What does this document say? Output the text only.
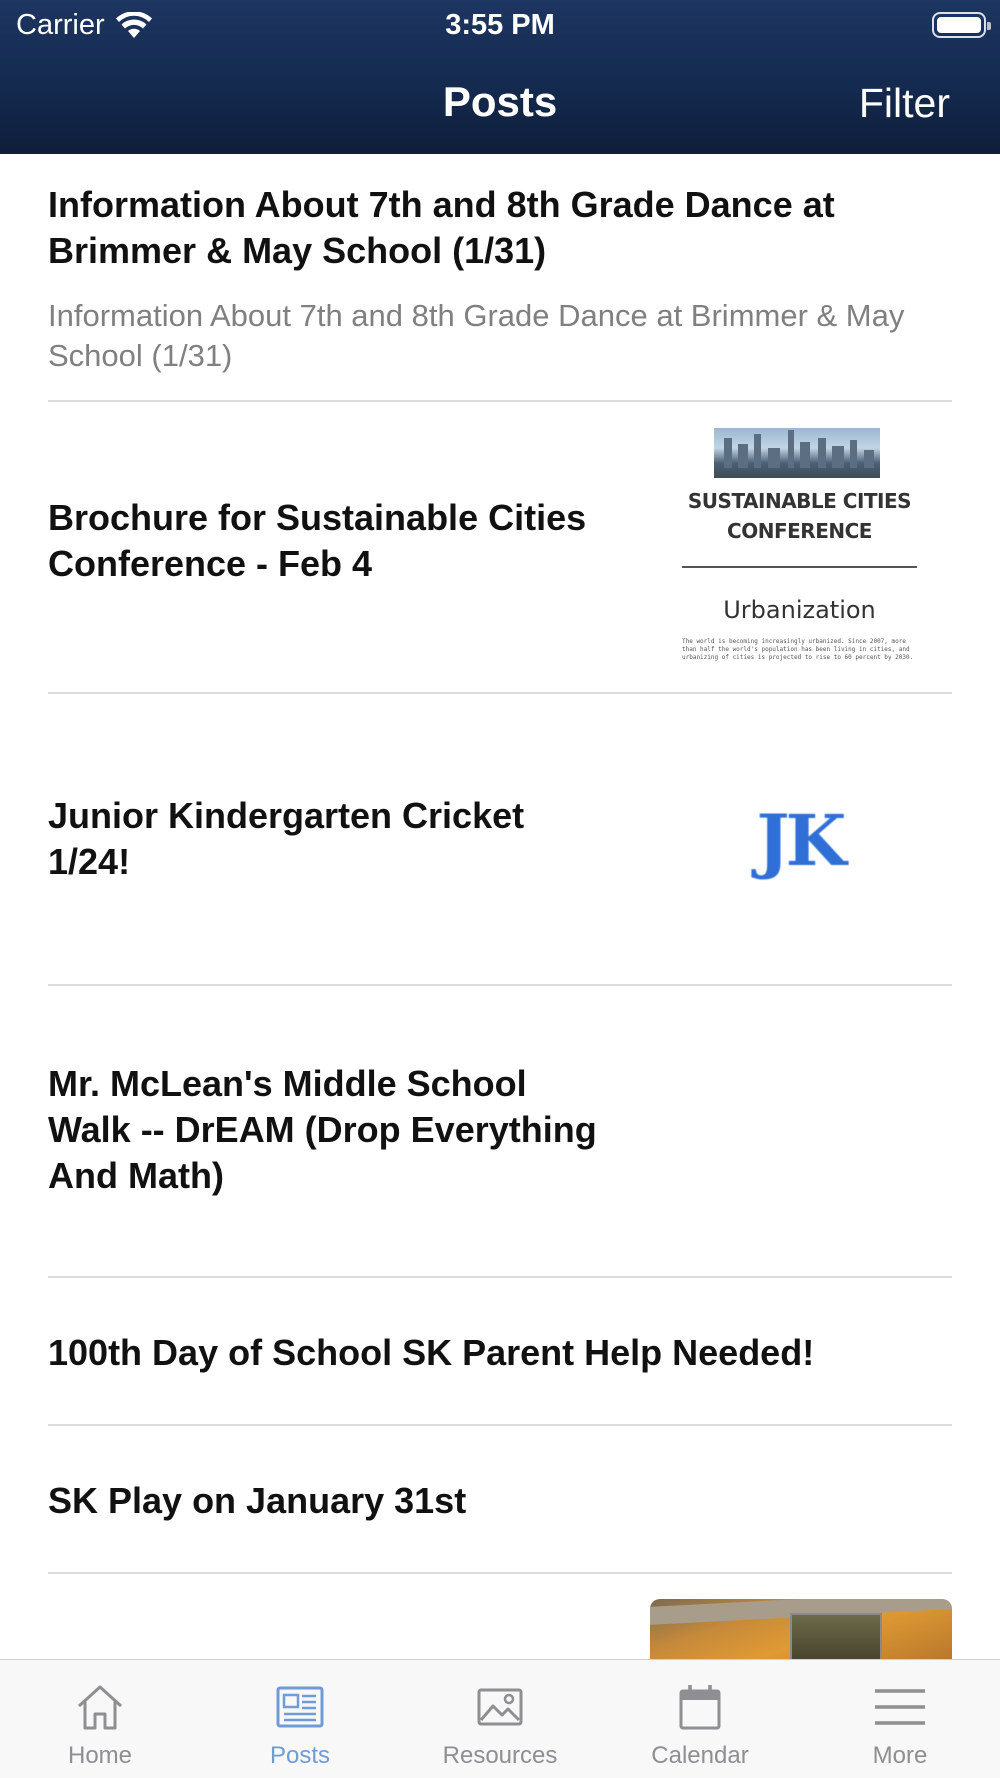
Carrier	3:55 PM
Posts	Filter
Information About 7th and 8th Grade Dance at Brimmer & May School (1/31)
Information About 7th and 8th Grade Dance at Brimmer & May School (1/31)
Brochure for Sustainable Cities Conference - Feb 4
SUSTAINABLE CITIES CONFERENCE
Urbanization
The world is becoming increasingly urbanized. Since 2007, more than half the world's population has been living in cities, and urbanizing of cities is projected to rise to 60 percent by 2030.
Junior Kindergarten Cricket 1/24!	JK
Mr. McLean's Middle School Walk -- DrEAM (Drop Everything And Math)
100th Day of School SK Parent Help Needed!
SK Play on January 31st
Home	Posts	Resources	Calendar	More
